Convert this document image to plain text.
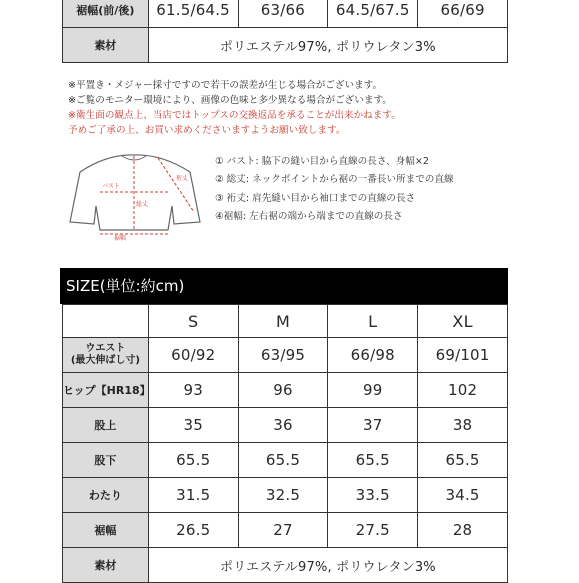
裾幅(前/後)	61.5/64.5	63/66	64.5/67.5	66/69
素材	ポリエステル97%, ポリウレタン3%			
※平置き・メジャー採寸ですので若干の誤差が生じる場合がございます。
※ご覧のモニター環境により、画像の色味と多少異なる場合がございます。
※衛生面の観点上、当店ではトップスの交換返品を承ることが出来かねます。
予めご了承の上、お買い求めくださいますようお願い致します。
バスト
総丈
裄丈
裾幅
① バスト: 脇下の縫い目から直線の長さ、身幅×2
② 総丈: ネックポイントから裾の一番長い所までの直線
③ 裄丈: 肩先縫い目から袖口までの直線の長さ
④裾幅: 左右裾の端から端までの直線の長さ
SIZE(単位:約cm)
	S	M	L	XL

ウエスト
(最大伸ばし寸)	60/92	63/95	66/98	69/101
ヒップ【HR18】	93	96	99	102
股上	35	36	37	38
股下	65.5	65.5	65.5	65.5
わたり	31.5	32.5	33.5	34.5
裾幅	26.5	27	27.5	28
素材	ポリエステル97%, ポリウレタン3%			
